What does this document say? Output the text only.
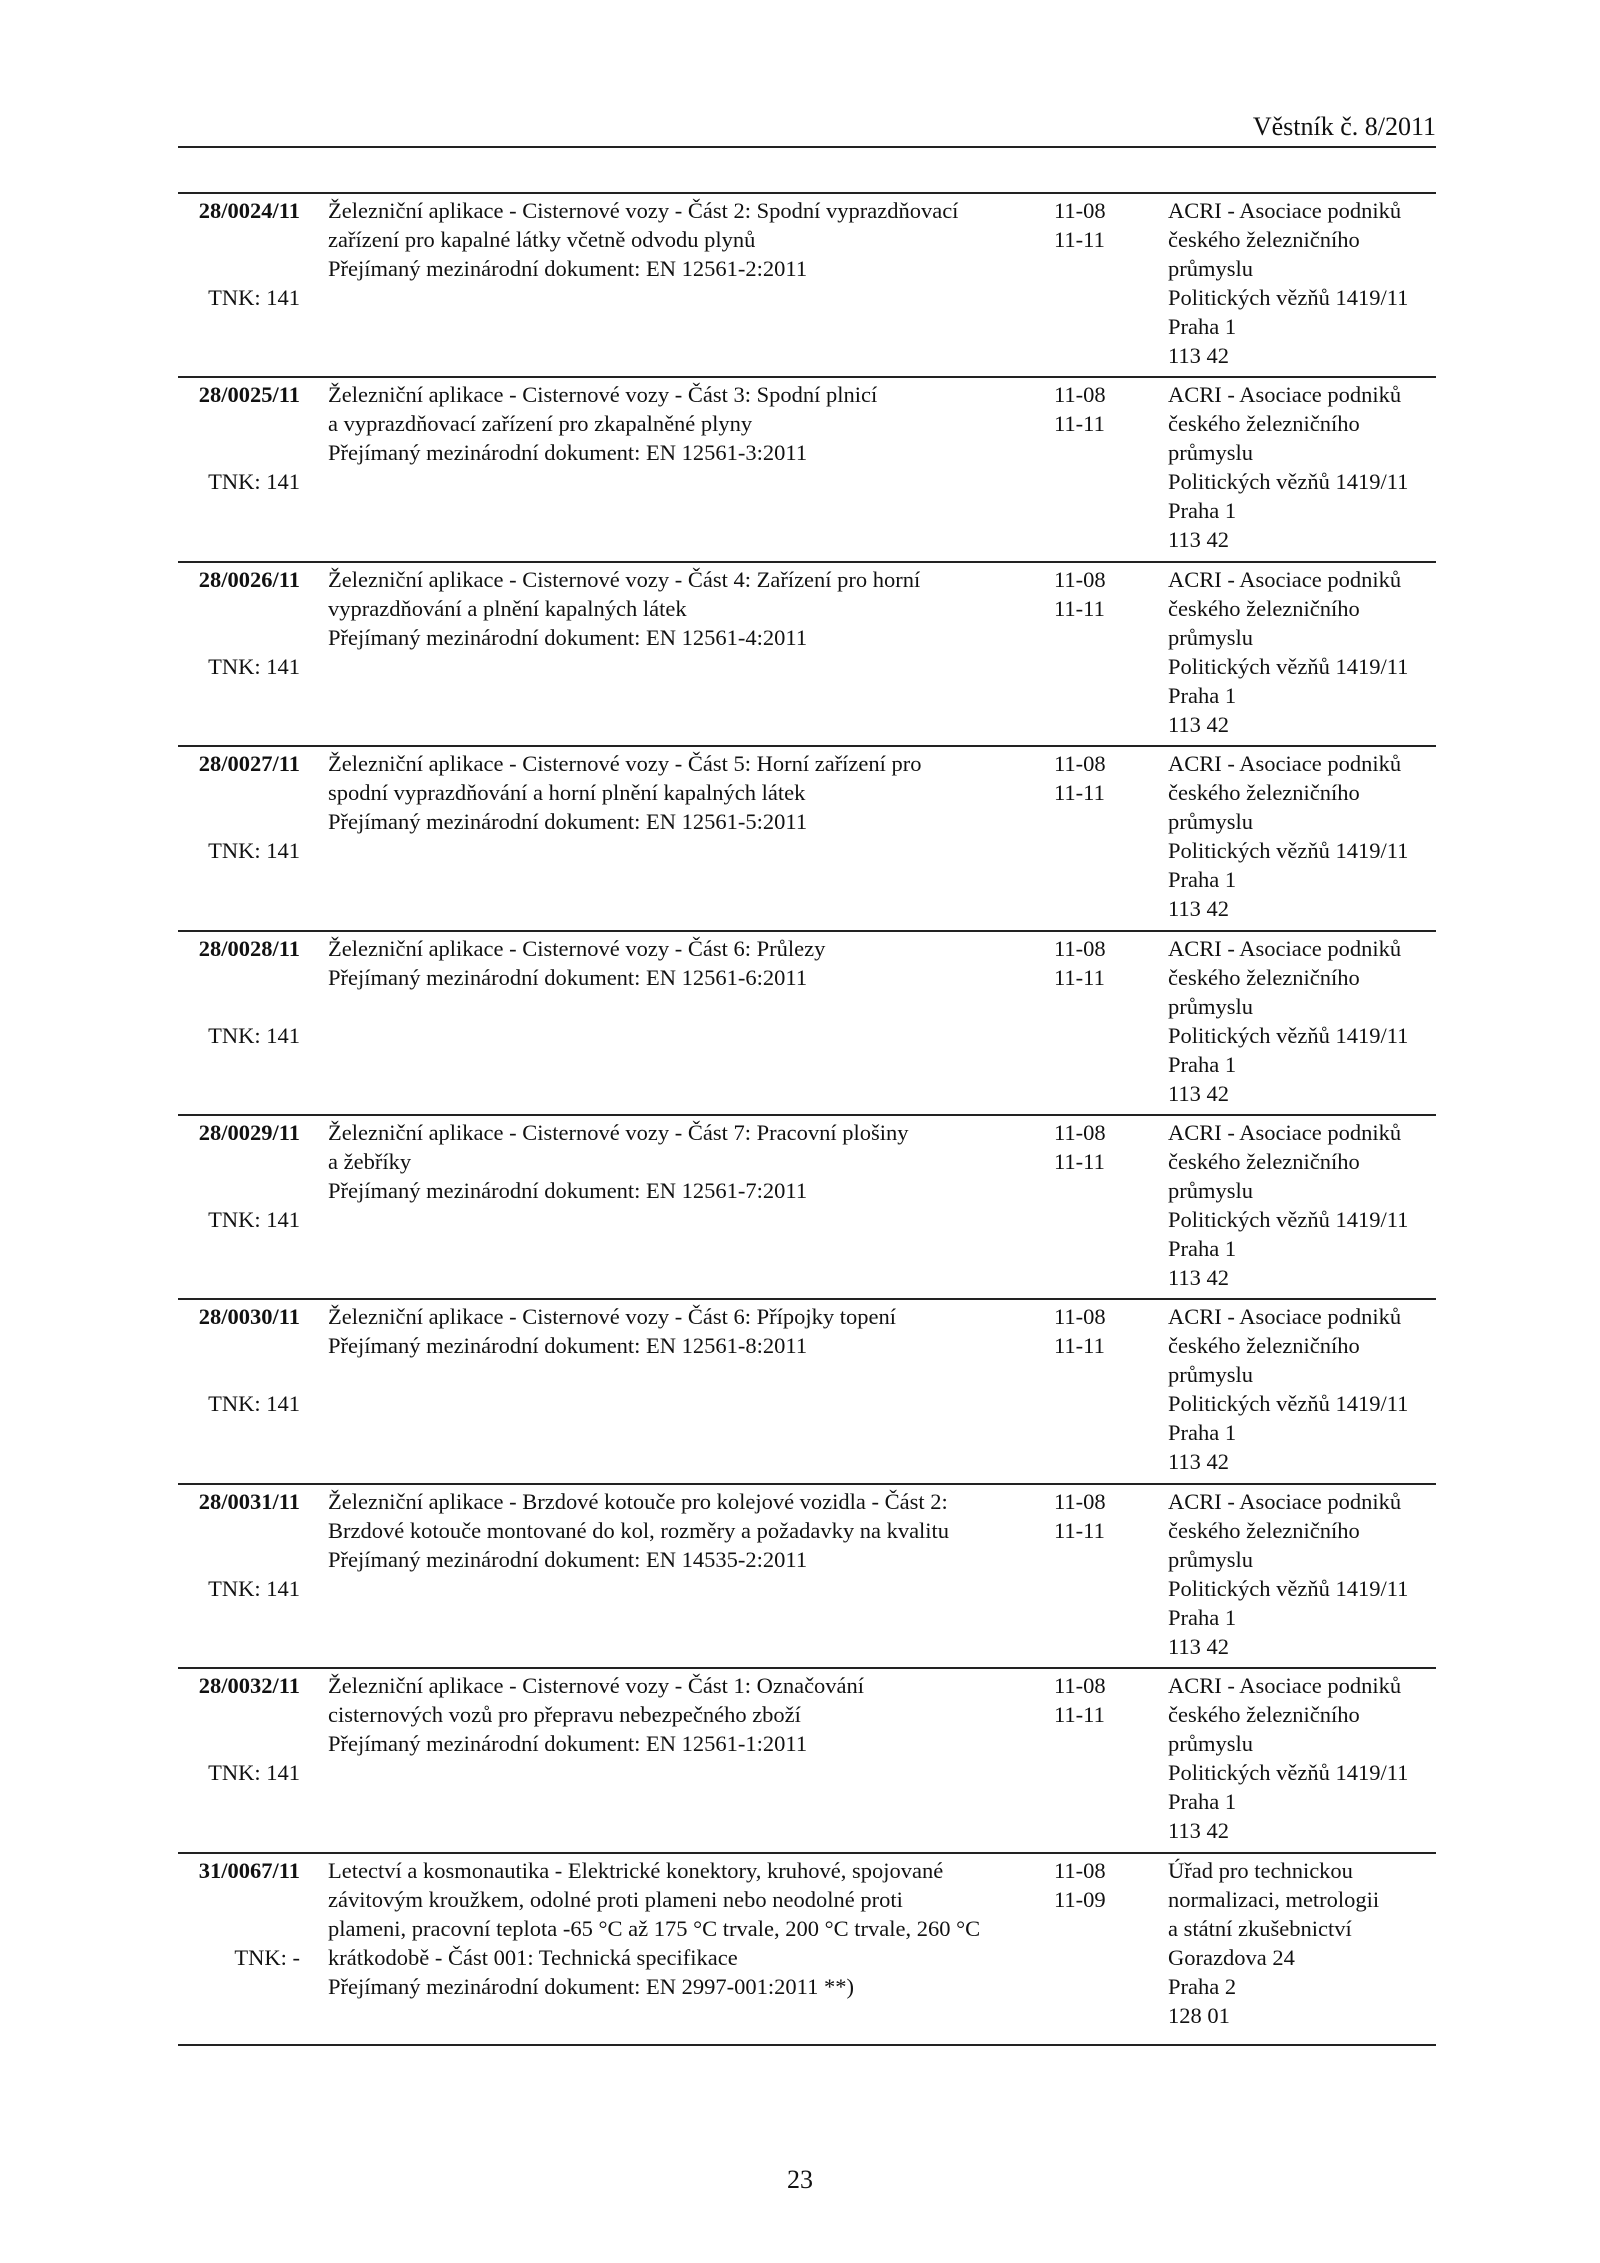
Věstník č. 8/2011
28/0024/11
TNK: 141
Železniční aplikace - Cisternové vozy - Část 2: Spodní vyprazdňovací
zařízení pro kapalné látky včetně odvodu plynů
Přejímaný mezinárodní dokument: EN 12561-2:2011
11-08
11-11
ACRI - Asociace podniků
českého železničního
průmyslu
Politických vězňů 1419/11
Praha 1
113 42
28/0025/11
TNK: 141
Železniční aplikace - Cisternové vozy - Část 3: Spodní plnicí
a vyprazdňovací zařízení pro zkapalněné plyny
Přejímaný mezinárodní dokument: EN 12561-3:2011
11-08
11-11
ACRI - Asociace podniků
českého železničního
průmyslu
Politických vězňů 1419/11
Praha 1
113 42
28/0026/11
TNK: 141
Železniční aplikace - Cisternové vozy - Část 4: Zařízení pro horní
vyprazdňování a plnění kapalných látek
Přejímaný mezinárodní dokument: EN 12561-4:2011
11-08
11-11
ACRI - Asociace podniků
českého železničního
průmyslu
Politických vězňů 1419/11
Praha 1
113 42
28/0027/11
TNK: 141
Železniční aplikace - Cisternové vozy - Část 5: Horní zařízení pro
spodní vyprazdňování a horní plnění kapalných látek
Přejímaný mezinárodní dokument: EN 12561-5:2011
11-08
11-11
ACRI - Asociace podniků
českého železničního
průmyslu
Politických vězňů 1419/11
Praha 1
113 42
28/0028/11
TNK: 141
Železniční aplikace - Cisternové vozy - Část 6: Průlezy
Přejímaný mezinárodní dokument: EN 12561-6:2011
11-08
11-11
ACRI - Asociace podniků
českého železničního
průmyslu
Politických vězňů 1419/11
Praha 1
113 42
28/0029/11
TNK: 141
Železniční aplikace - Cisternové vozy - Část 7: Pracovní plošiny
a žebříky
Přejímaný mezinárodní dokument: EN 12561-7:2011
11-08
11-11
ACRI - Asociace podniků
českého železničního
průmyslu
Politických vězňů 1419/11
Praha 1
113 42
28/0030/11
TNK: 141
Železniční aplikace - Cisternové vozy - Část 6: Přípojky topení
Přejímaný mezinárodní dokument: EN 12561-8:2011
11-08
11-11
ACRI - Asociace podniků
českého železničního
průmyslu
Politických vězňů 1419/11
Praha 1
113 42
28/0031/11
TNK: 141
Železniční aplikace - Brzdové kotouče pro kolejové vozidla - Část 2:
Brzdové kotouče montované do kol, rozměry a požadavky na kvalitu
Přejímaný mezinárodní dokument: EN 14535-2:2011
11-08
11-11
ACRI - Asociace podniků
českého železničního
průmyslu
Politických vězňů 1419/11
Praha 1
113 42
28/0032/11
TNK: 141
Železniční aplikace - Cisternové vozy - Část 1: Označování
cisternových vozů pro přepravu nebezpečného zboží
Přejímaný mezinárodní dokument: EN 12561-1:2011
11-08
11-11
ACRI - Asociace podniků
českého železničního
průmyslu
Politických vězňů 1419/11
Praha 1
113 42
31/0067/11
TNK: -
Letectví a kosmonautika - Elektrické konektory, kruhové, spojované
závitovým kroužkem, odolné proti plameni nebo neodolné proti
plameni, pracovní teplota -65 °C až 175 °C trvale, 200 °C trvale, 260 °C
krátkodobě - Část 001: Technická specifikace
Přejímaný mezinárodní dokument: EN 2997-001:2011 **)
11-08
11-09
Úřad pro technickou
normalizaci, metrologii
a státní zkušebnictví
Gorazdova 24
Praha 2
128 01
23
